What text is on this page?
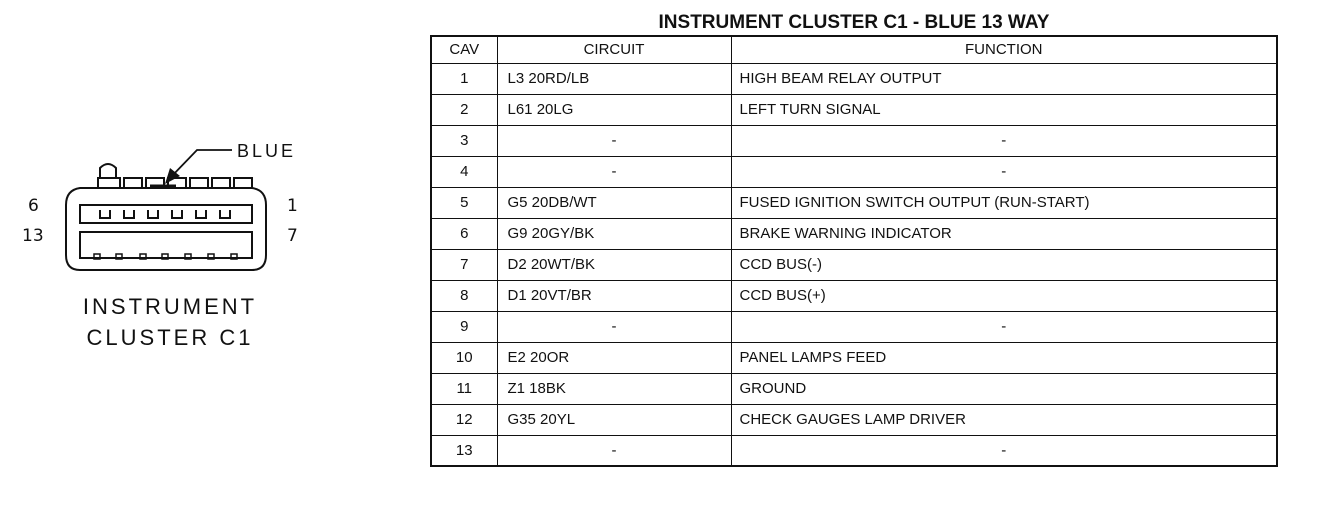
BLUE
6
13
1
7
INSTRUMENT
CLUSTER C1
INSTRUMENT CLUSTER C1 - BLUE 13 WAY
CAV	CIRCUIT	FUNCTION
1	L3 20RD/LB	HIGH BEAM RELAY OUTPUT
2	L61 20LG	LEFT TURN SIGNAL
3	-	-
4	-	-
5	G5 20DB/WT	FUSED IGNITION SWITCH OUTPUT (RUN-START)
6	G9 20GY/BK	BRAKE WARNING INDICATOR
7	D2 20WT/BK	CCD BUS(-)
8	D1 20VT/BR	CCD BUS(+)
9	-	-
10	E2 20OR	PANEL LAMPS FEED
11	Z1 18BK	GROUND
12	G35 20YL	CHECK GAUGES LAMP DRIVER
13	-	-
